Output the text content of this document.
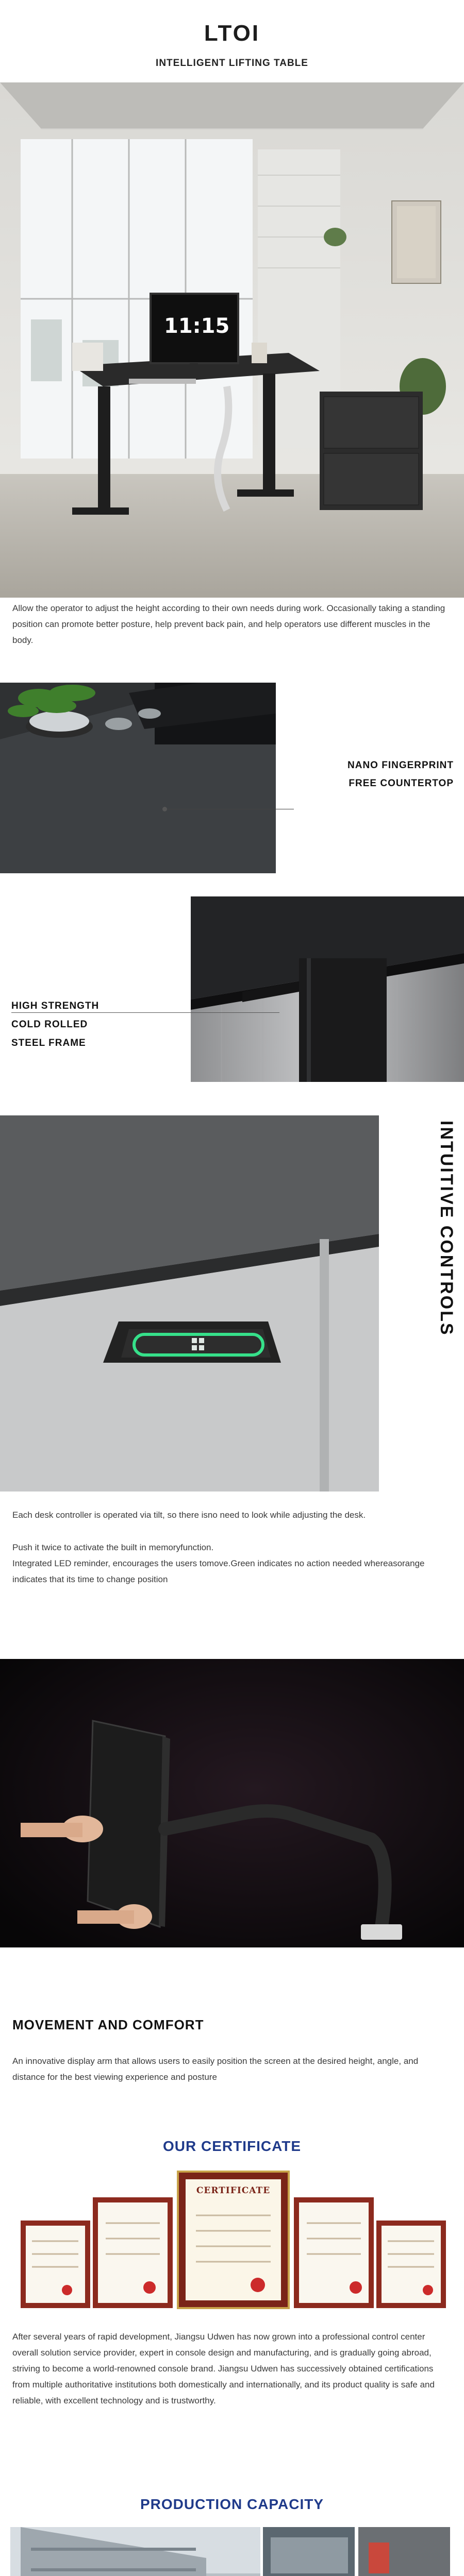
LTOI
INTELLIGENT LIFTING TABLE
11:15
Allow the operator to adjust the height according to their own needs during work. Occasionally taking a standing position can promote better posture, help prevent back pain, and help operators use different muscles in the body.
NANO FINGERPRINT
FREE COUNTERTOP
HIGH STRENGTH
COLD ROLLED
STEEL FRAME
INTUITIVE CONTROLS
Each desk controller is operated via tilt, so there isno need to look while adjusting the desk.
Push it twice to activate the built in memoryfunction.
Integrated LED reminder, encourages the users tomove.Green indicates no action needed whereasorange indicates that its time to change position
MOVEMENT AND COMFORT
An innovative display arm that allows users to easily position the screen at the desired height, angle, and distance for the best viewing experience and posture
OUR CERTIFICATE
CERTIFICATE
After several years of rapid development, Jiangsu Udwen has now grown into a professional control center overall solution service provider, expert in console design and manufacturing, and is gradually going abroad, striving to become a world-renowned console brand. Jiangsu Udwen has successively obtained certifications from multiple authoritative institutions both domestically and internationally, and its product quality is safe and reliable, with excellent technology and is trustworthy.
PRODUCTION CAPACITY
